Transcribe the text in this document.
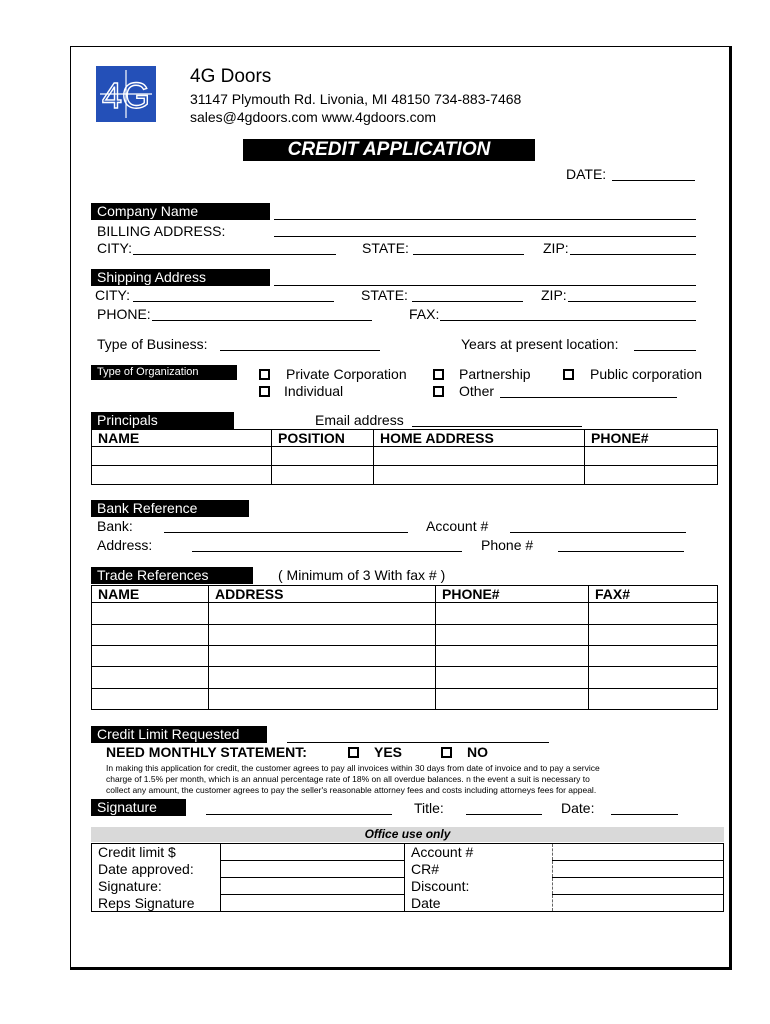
4G 4G Doors
31147 Plymouth Rd. Livonia, MI 48150 734-883-7468
sales@4gdoors.com www.4gdoors.com
CREDIT APPLICATION
DATE:
Company Name
BILLING ADDRESS:
CITY:	STATE:	ZIP:
Shipping Address
CITY:	STATE:	ZIP:
PHONE:	FAX:
Type of Business:	Years at present location:
Type of Organization	Private Corporation	Partnership	Public corporation
Individual	Other
Principals	Email address
NAME	POSITION	HOME ADDRESS	PHONE#

Bank Reference
Bank:	Account #
Address:	Phone #
Trade References	( Minimum of 3 With fax # )
NAME	ADDRESS	PHONE#	FAX#

Credit Limit Requested
NEED MONTHLY STATEMENT:	YES	NO
In making this application for credit, the customer agrees to pay all invoices within 30 days from date of invoice and to pay a service
charge of 1.5% per month, which is an annual percentage rate of 18% on all overdue balances. n the event a suit is necessary to
collect any amount, the customer agrees to pay the seller's reasonable attorney fees and costs including attorneys fees for appeal.
Signature	Title:	Date:
Office use only
Credit limit $		Account #	
Date approved:		CR#	
Signature:		Discount:	
Reps Signature		Date	
